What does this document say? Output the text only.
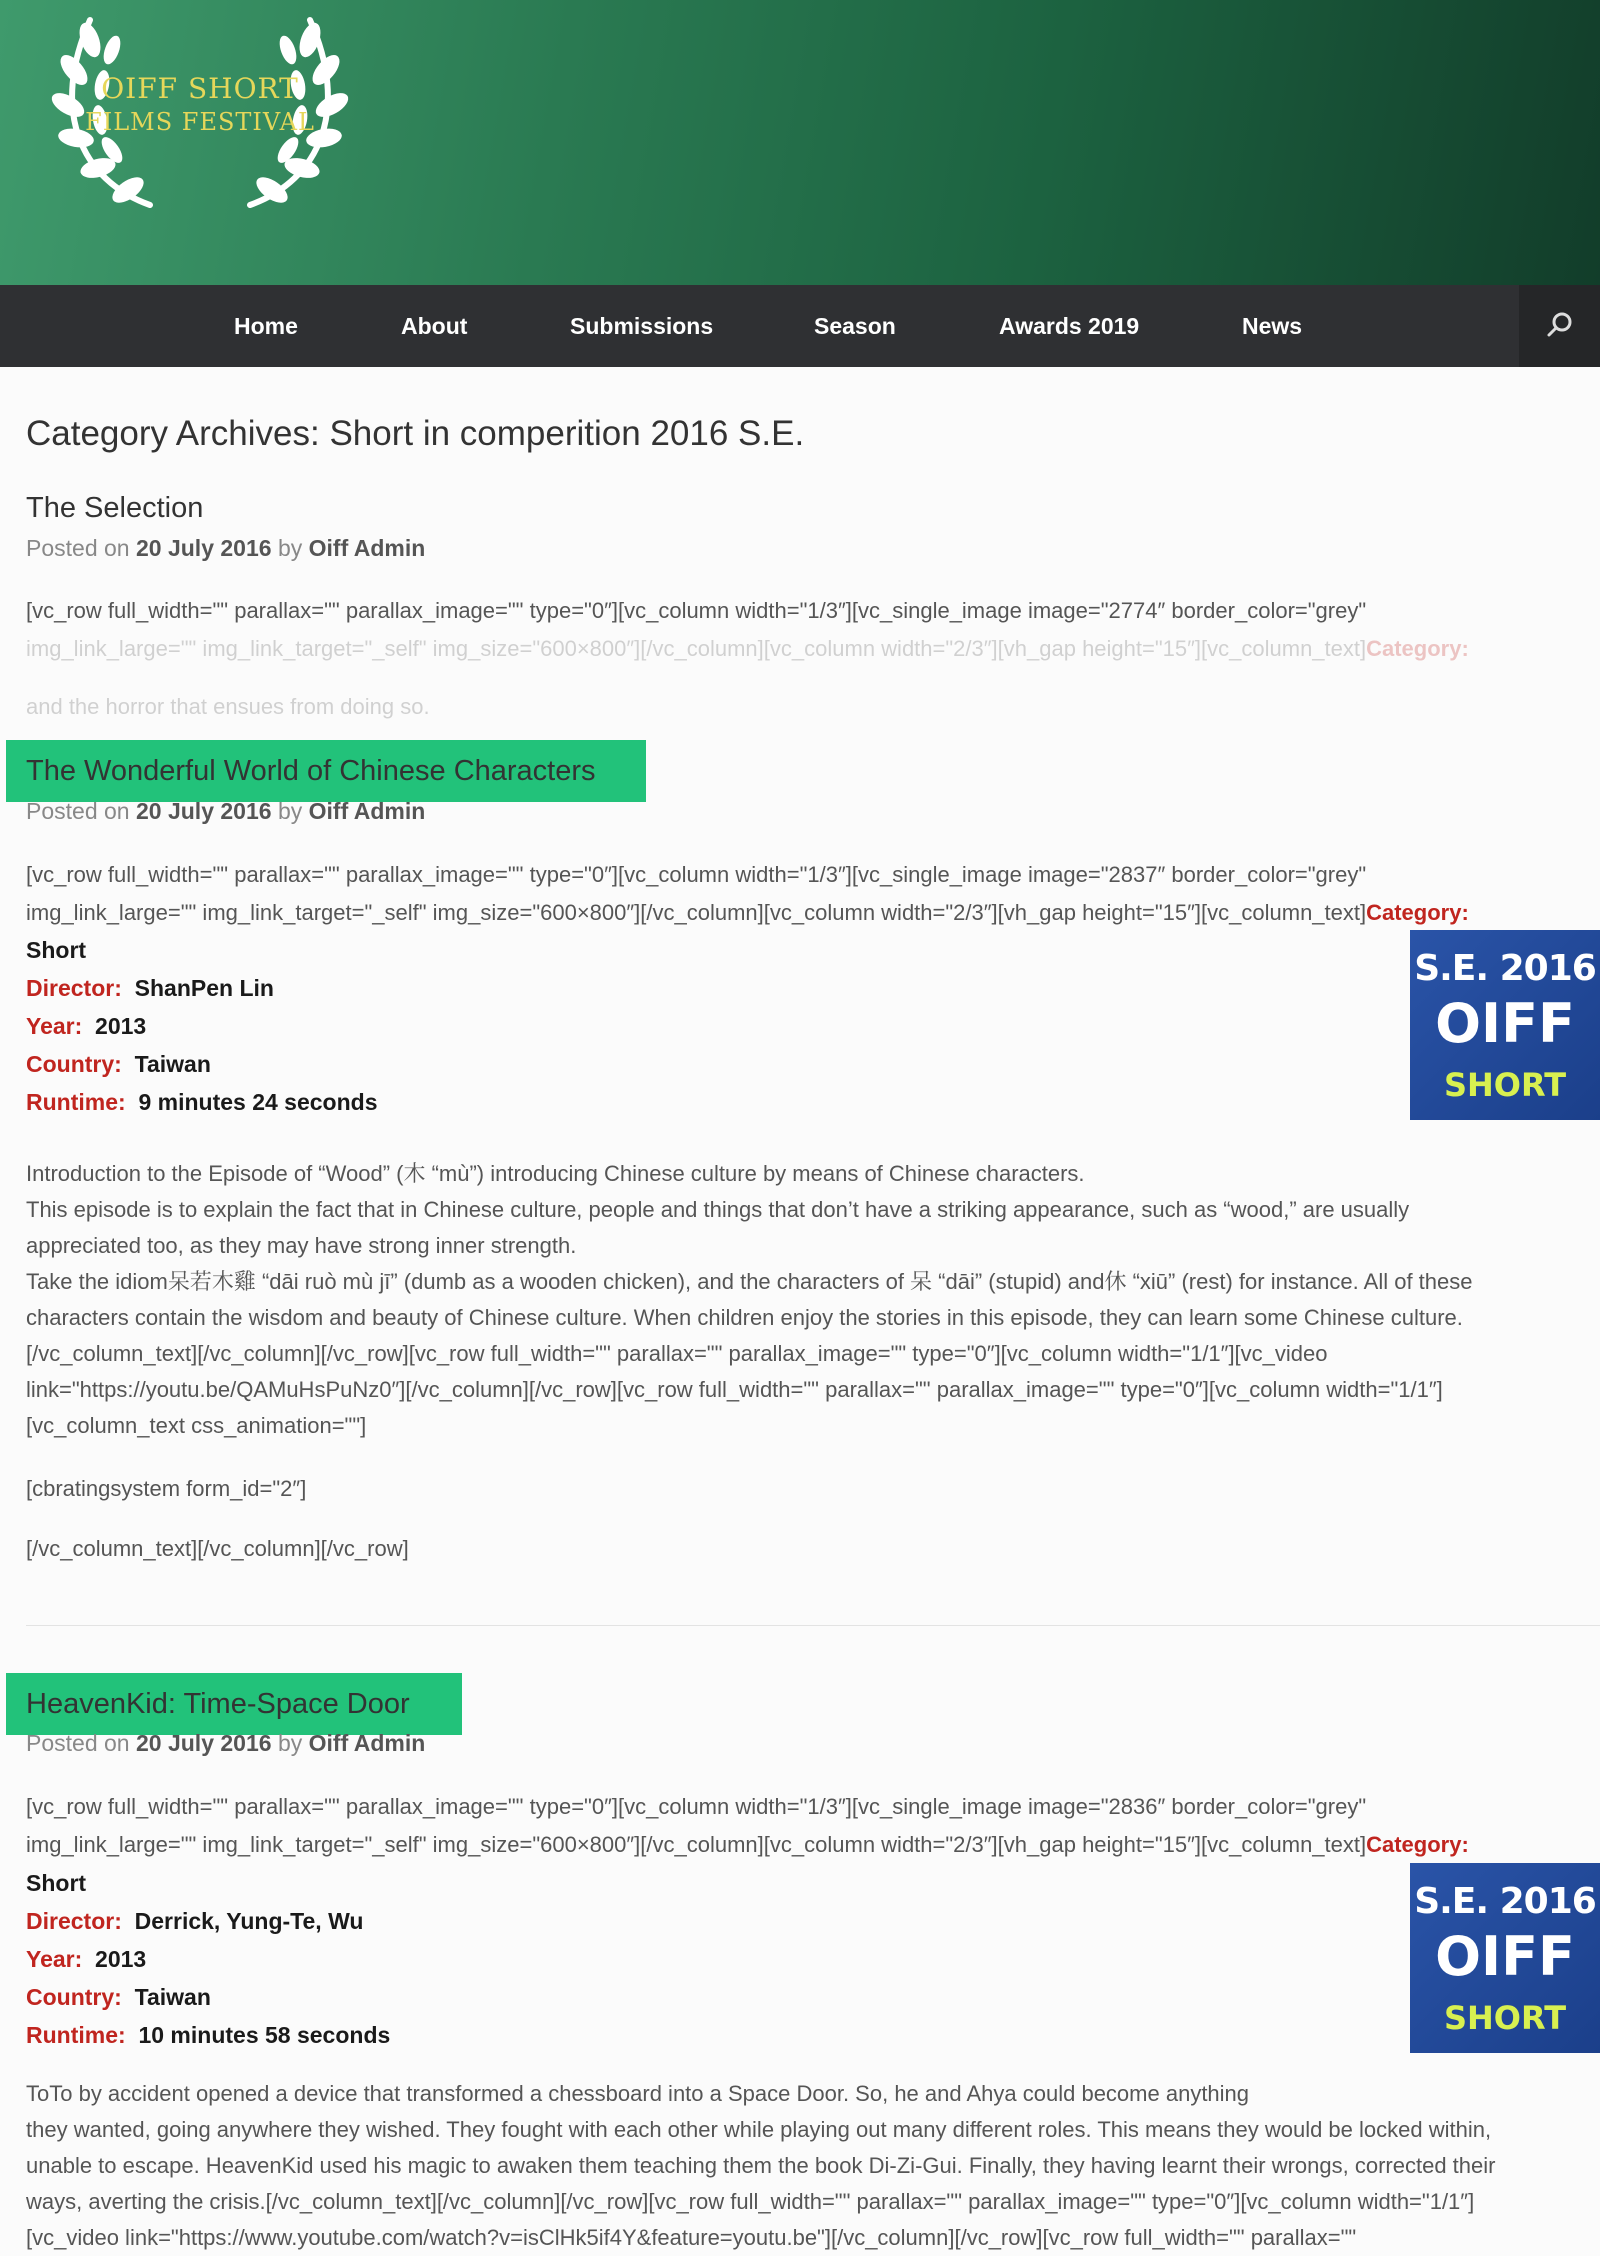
OIFF SHORT
FILMS FESTIVAL
Home	About	Submissions	Season	Awards 2019	News
Category Archives: Short in comperition 2016 S.E.
The Selection
Posted on 20 July 2016 by Oiff Admin
[vc_row full_width="" parallax="" parallax_image="" type="0″][vc_column width="1/3″][vc_single_image image="2774″ border_color="grey"
img_link_large="" img_link_target="_self" img_size="600×800″][/vc_column][vc_column width="2/3″][vh_gap height="15″][vc_column_text]Category:
and the horror that ensues from doing so.
The Wonderful World of Chinese Characters
Posted on 20 July 2016 by Oiff Admin
[vc_row full_width="" parallax="" parallax_image="" type="0″][vc_column width="1/3″][vc_single_image image="2837″ border_color="grey"
img_link_large="" img_link_target="_self" img_size="600×800″][/vc_column][vc_column width="2/3″][vh_gap height="15″][vc_column_text]Category:
Short
Director: ShanPen Lin
Year: 2013
Country: Taiwan
Runtime: 9 minutes 24 seconds
S.E. 2016
OIFF
SHORT
Introduction to the Episode of “Wood” (木 “mù”) introducing Chinese culture by means of Chinese characters.
This episode is to explain the fact that in Chinese culture, people and things that don’t have a striking appearance, such as “wood,” are usually
appreciated too, as they may have strong inner strength.
Take the idiom呆若木雞 “dāi ruò mù jī” (dumb as a wooden chicken), and the characters of 呆 “dāi” (stupid) and休 “xiū” (rest) for instance. All of these
characters contain the wisdom and beauty of Chinese culture. When children enjoy the stories in this episode, they can learn some Chinese culture.
[/vc_column_text][/vc_column][/vc_row][vc_row full_width="" parallax="" parallax_image="" type="0″][vc_column width="1/1″][vc_video
link="https://youtu.be/QAMuHsPuNz0″][/vc_column][/vc_row][vc_row full_width="" parallax="" parallax_image="" type="0″][vc_column width="1/1″]
[vc_column_text css_animation=""]
[cbratingsystem form_id="2″]
[/vc_column_text][/vc_column][/vc_row]
HeavenKid: Time-Space Door
Posted on 20 July 2016 by Oiff Admin
[vc_row full_width="" parallax="" parallax_image="" type="0″][vc_column width="1/3″][vc_single_image image="2836″ border_color="grey"
img_link_large="" img_link_target="_self" img_size="600×800″][/vc_column][vc_column width="2/3″][vh_gap height="15″][vc_column_text]Category:
Short
Director: Derrick, Yung-Te, Wu
Year: 2013
Country: Taiwan
Runtime: 10 minutes 58 seconds
S.E. 2016
OIFF
SHORT
ToTo by accident opened a device that transformed a chessboard into a Space Door. So, he and Ahya could become anything
they wanted, going anywhere they wished. They fought with each other while playing out many different roles. This means they would be locked within,
unable to escape. HeavenKid used his magic to awaken them teaching them the book Di-Zi-Gui. Finally, they having learnt their wrongs, corrected their
ways, averting the crisis.[/vc_column_text][/vc_column][/vc_row][vc_row full_width="" parallax="" parallax_image="" type="0″][vc_column width="1/1″]
[vc_video link="https://www.youtube.com/watch?v=isClHk5if4Y&feature=youtu.be"][/vc_column][/vc_row][vc_row full_width="" parallax=""
